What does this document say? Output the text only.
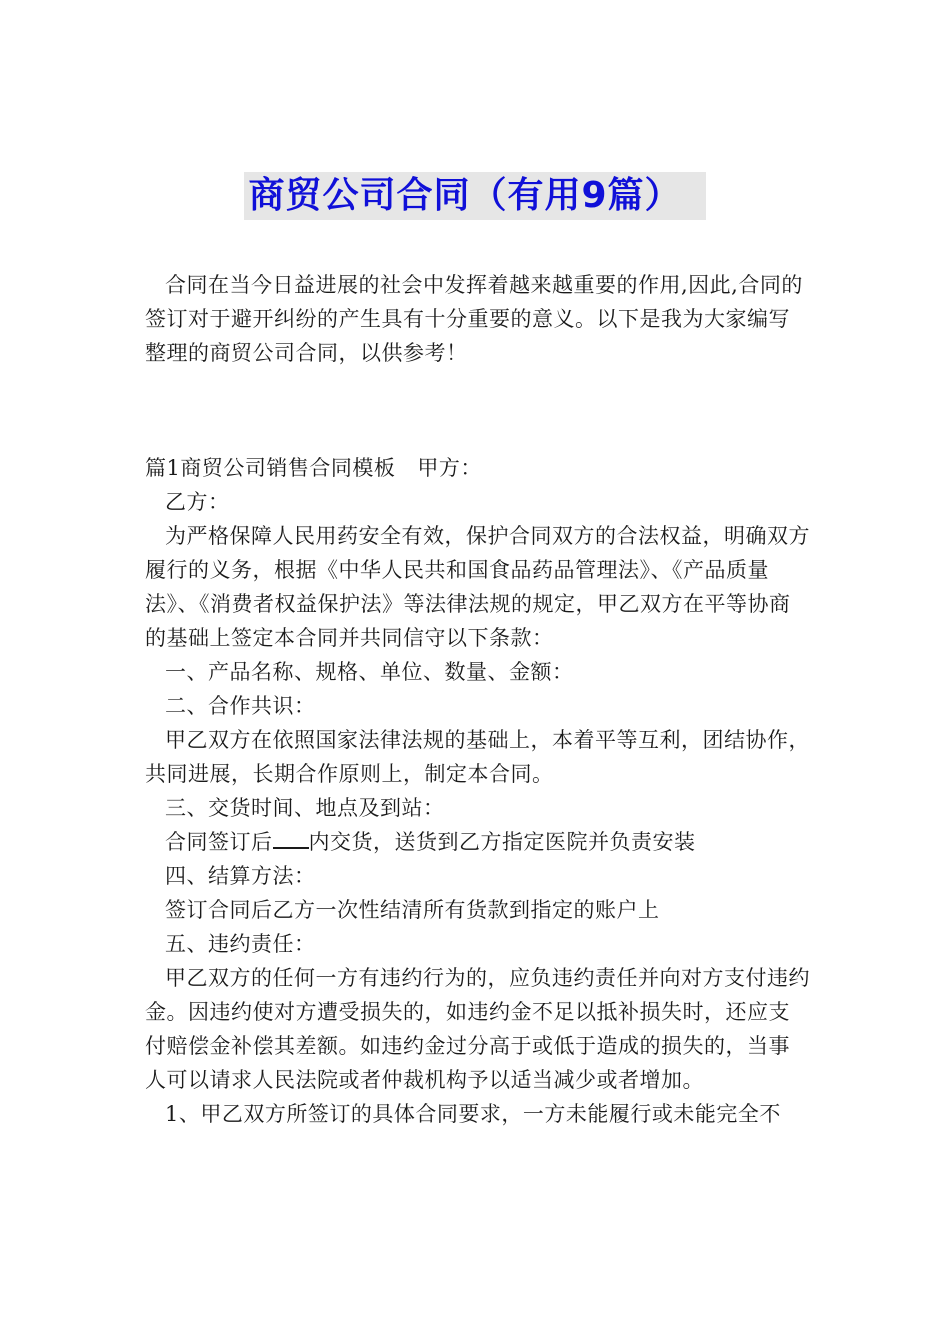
商贸公司合同（有用9篇）

合同在当今日益进展的社会中发挥着越来越重要的作用,因此,合同的签订对于避开纠纷的产生具有十分重要的意义。以下是我为大家编写整理的商贸公司合同，以供参考！

篇1商贸公司销售合同模板 甲方：

乙方：

为严格保障人民用药安全有效，保护合同双方的合法权益，明确双方履行的义务，根据《中华人民共和国食品药品管理法》、《产品质量法》、《消费者权益保护法》等法律法规的规定，甲乙双方在平等协商的基础上签定本合同并共同信守以下条款：

一、产品名称、规格、单位、数量、金额：

二、合作共识：

甲乙双方在依照国家法律法规的基础上，本着平等互利，团结协作，共同进展，长期合作原则上，制定本合同。

三、交货时间、地点及到站：

合同签订后 内交货，送货到乙方指定医院并负责安装

四、结算方法：

签订合同后乙方一次性结清所有货款到指定的账户上

五、违约责任：

甲乙双方的任何一方有违约行为的，应负违约责任并向对方支付违约金。因违约使对方遭受损失的，如违约金不足以抵补损失时，还应支付赔偿金补偿其差额。如违约金过分高于或低于造成的损失的，当事人可以请求人民法院或者仲裁机构予以适当减少或者增加。

1、甲乙双方所签订的具体合同要求，一方未能履行或未能完全不
